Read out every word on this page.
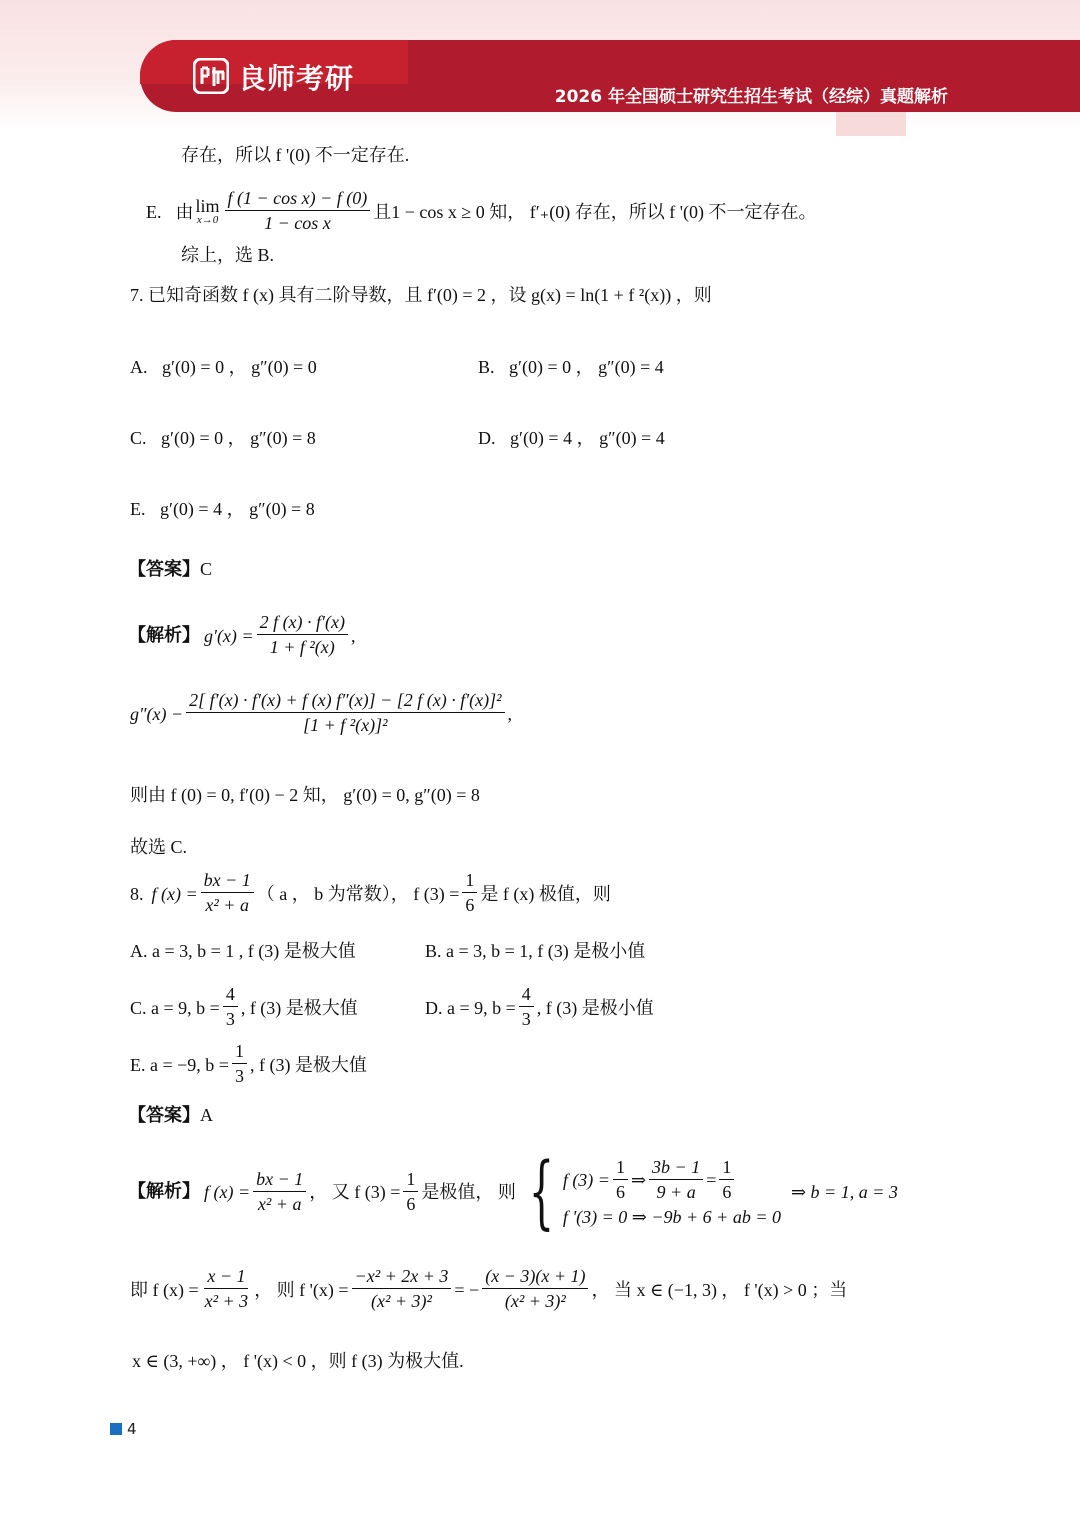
良师考研
2026 年全国硕士研究生招生考试（经综）真题解析
存在，所以 f '(0) 不一定存在.
E. 由 lim
$x\to 0 \frac{\text{f (1 − cos x) − f (0)}}{\text{1 − cos x}}$ 且1 − cos x ≥ 0 知， f′₊(0) 存在，所以 f '(0) 不一定存在。
综上，选 B.
7. 已知奇函数 f (x) 具有二阶导数，且 f′(0) = 2 ，设 g(x) = ln(1 + f ²(x)) ，则
A. g′(0) = 0 ， g″(0) = 0	B. g′(0) = 0 ， g″(0) = 4
C. g′(0) = 0 ， g″(0) = 8	D. g′(0) = 4 ， g″(0) = 4
E. g′(0) = 4 ， g″(0) = 8
【答案】C
【解析】 $g'(x) = \frac{2 f (x) \cdot f'(x)}{\text{1 + f ²(x)}}$ ,
$g''(x) - \frac{\text{2[ f′(x) · f′(x) + f (x) f″(x)] − [2 f (x) · f′(x)]²}}{\text{[1 + f ²(x)]²}}$ ,
则由 f (0) = 0, f′(0) − 2 知， g′(0) = 0, g″(0) = 8
故选 C.
8. f $(x) = \frac{bx - 1}{\text{x² + a}}$ （ a ， b 为常数）， f $(3) = \frac{1}{6}$ 是 f (x) 极值，则
A. a = 3, b = 1 , f (3) 是极大值	B. a = 3, b = 1, f (3) 是极小值
C. a = 9, $b = \frac{4}{3}$ , f (3) 是极大值	D. a = 9, $b = \frac{4}{3}$ , f (3) 是极小值
E. a = −9, $b = \frac{1}{3}$ , f (3) 是极大值
【答案】A
【解析】 f $(x) = \frac{bx - 1}{\text{x² + a}}$ ， 又 f $(3) = \frac{1}{6}$ 是极值， 则 { f $(3) = \frac{1}{6}$ ⇒ $\frac{3b - 1}{9 + a} = \frac{1}{6}$
f '(3) = 0 ⇒ −9b + 6 + ab = 0
⇒ b = 1, a = 3
即 f $(x) = \frac{x - 1}{\text{x² + 3}}$ ， 则 f '$(x) = \frac{\text{−x² + 2x + 3}}{\text{(x² + 3)²}}$ = − $\frac{(x - 3)(x + 1)}{\text{(x² + 3)²}}$ ， 当 x ∈ (−1, 3) ， f '(x) > 0 ；当
x ∈ (3, +∞) ， f '(x) < 0 ，则 f (3) 为极大值.
4
